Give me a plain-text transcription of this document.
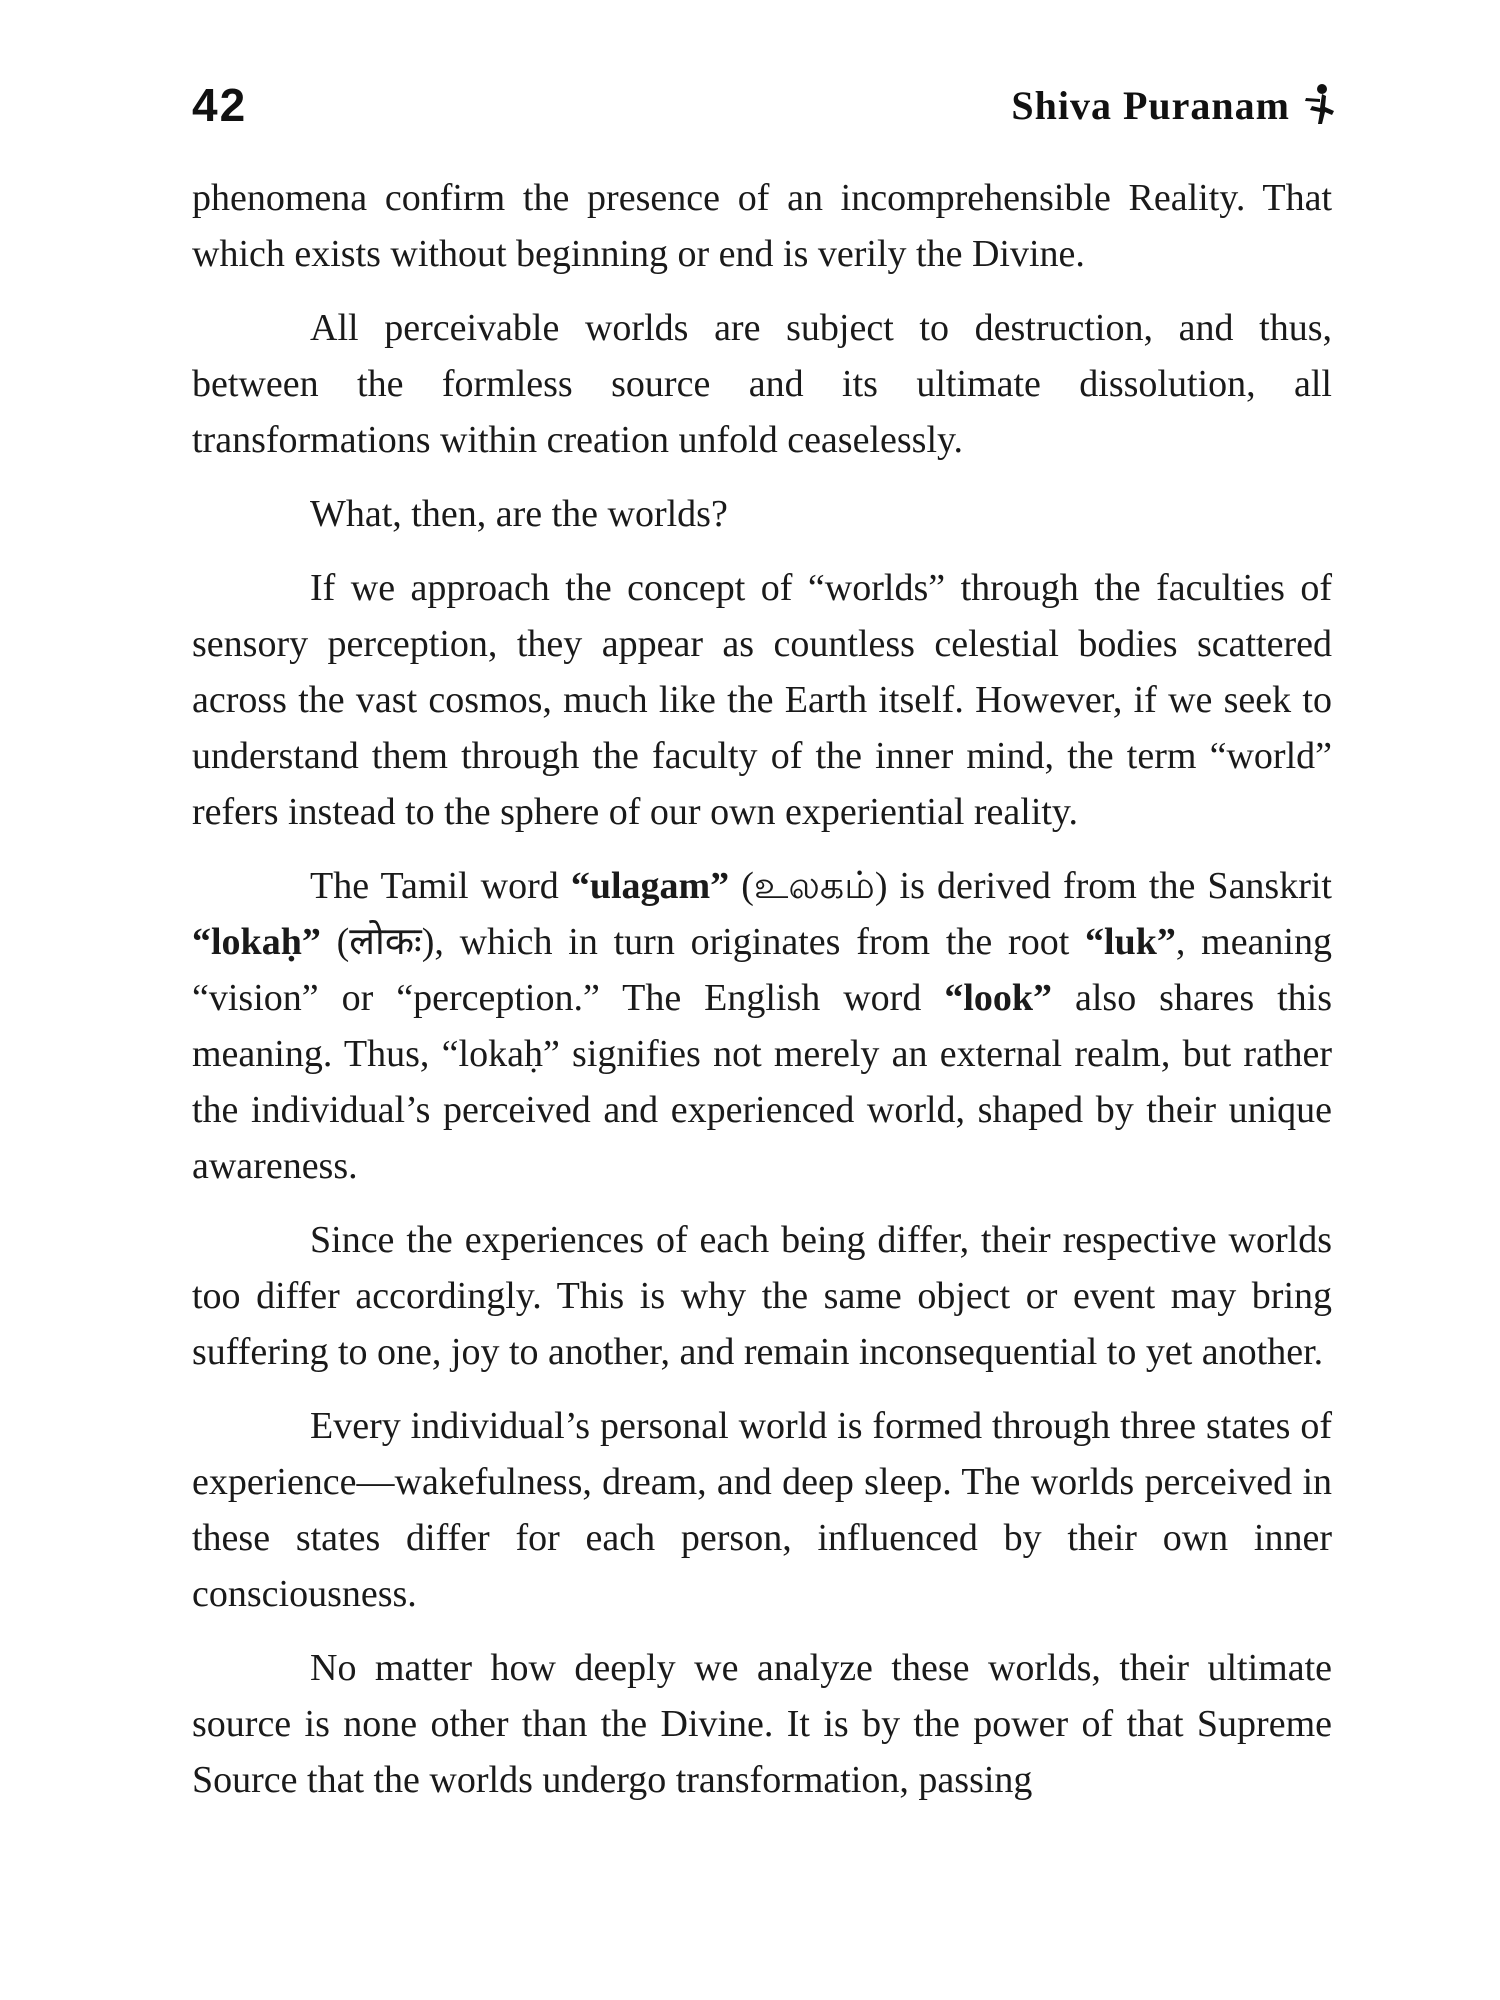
42	Shiva Puranam

phenomena confirm the presence of an incomprehensible Reality. That which exists without beginning or end is verily the Divine.

All perceivable worlds are subject to destruction, and thus, between the formless source and its ultimate dissolution, all transformations within creation unfold ceaselessly.

What, then, are the worlds?

If we approach the concept of “worlds” through the faculties of sensory perception, they appear as countless celestial bodies scattered across the vast cosmos, much like the Earth itself. However, if we seek to understand them through the faculty of the inner mind, the term “world” refers instead to the sphere of our own experiential reality.

The Tamil word “ulagam” (உலகம்) is derived from the Sanskrit “lokaḥ” (लोकः), which in turn originates from the root “luk”, meaning “vision” or “perception.” The English word “look” also shares this meaning. Thus, “lokaḥ” signifies not merely an external realm, but rather the individual’s perceived and experienced world, shaped by their unique awareness.

Since the experiences of each being differ, their respective worlds too differ accordingly. This is why the same object or event may bring suffering to one, joy to another, and remain inconsequential to yet another.

Every individual’s personal world is formed through three states of experience—wakefulness, dream, and deep sleep. The worlds perceived in these states differ for each person, influenced by their own inner consciousness.

No matter how deeply we analyze these worlds, their ultimate source is none other than the Divine. It is by the power of that Supreme Source that the worlds undergo transformation, passing
